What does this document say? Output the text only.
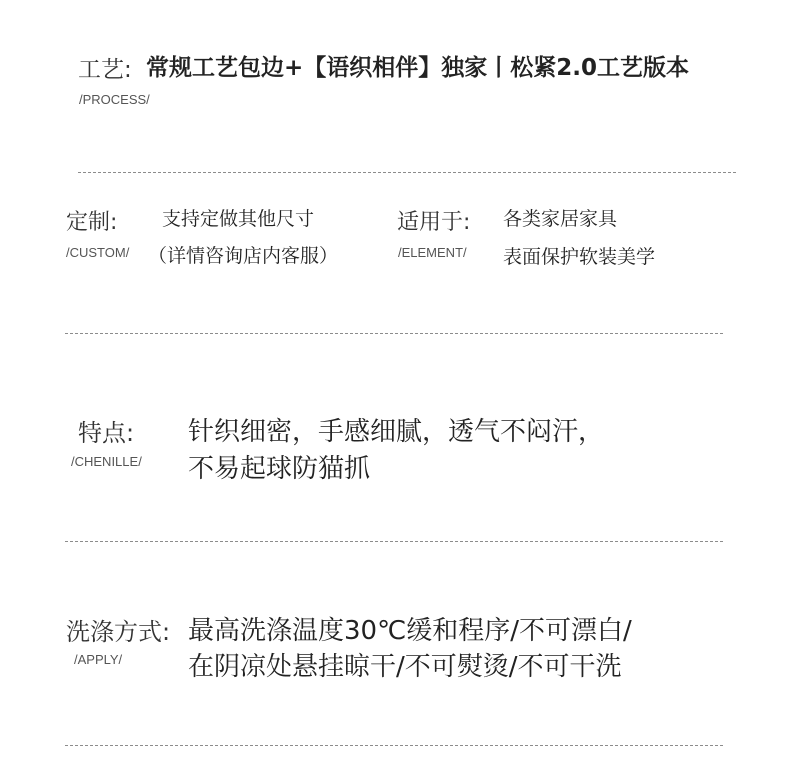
工艺: 常规工艺包边+【语织相伴】独家丨松紧2.0工艺版本
/PROCESS/
定制: 支持定做其他尺寸
/CUSTOM/ （详情咨询店内客服）
适用于: 各类家居家具
/ELEMENT/ 表面保护软装美学
特点: 针织细密，手感细腻，透气不闷汗，
/CHENILLE/ 不易起球防猫抓
洗涤方式: 最高洗涤温度30℃缓和程序/不可漂白/
/APPLY/	在阴凉处悬挂晾干/不可熨烫/不可干洗
